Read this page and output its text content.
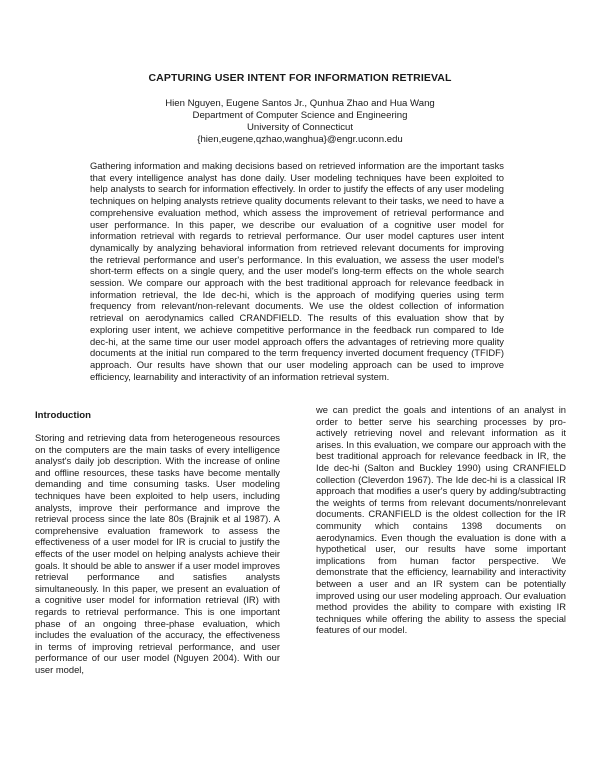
CAPTURING USER INTENT FOR INFORMATION RETRIEVAL
Hien Nguyen, Eugene Santos Jr., Qunhua Zhao and Hua Wang
Department of Computer Science and Engineering
University of Connecticut
{hien,eugene,qzhao,wanghua}@engr.uconn.edu

Gathering information and making decisions based on retrieved information are the important tasks that every intelligence analyst has done daily. User modeling techniques have been exploited to help analysts to search for information effectively. In order to justify the effects of any user modeling techniques on helping analysts retrieve quality documents relevant to their tasks, we need to have a comprehensive evaluation method, which assess the improvement of retrieval performance and user performance. In this paper, we describe our evaluation of a cognitive user model for information retrieval with regards to retrieval performance. Our user model captures user intent dynamically by analyzing behavioral information from retrieved relevant documents for improving the retrieval performance and user's performance. In this evaluation, we assess the user model's short-term effects on a single query, and the user model's long-term effects on the whole search session. We compare our approach with the best traditional approach for relevance feedback in information retrieval, the Ide dec-hi, which is the approach of modifying queries using term frequency from relevant/non-relevant documents. We use the oldest collection of information retrieval on aerodynamics called CRANDFIELD. The results of this evaluation show that by exploring user intent, we achieve competitive performance in the feedback run compared to Ide dec-hi, at the same time our user model approach offers the advantages of retrieving more quality documents at the initial run compared to the term frequency inverted document frequency (TFIDF) approach. Our results have shown that our user modeling approach can be used to improve efficiency, learnability and interactivity of an information retrieval system.

Introduction

Storing and retrieving data from heterogeneous resources on the computers are the main tasks of every intelligence analyst's daily job description. With the increase of online and offline resources, these tasks have become mentally demanding and time consuming tasks. User modeling techniques have been exploited to help users, including analysts, improve their performance and improve the retrieval process since the late 80s (Brajnik et al 1987). A comprehensive evaluation framework to assess the effectiveness of a user model for IR is crucial to justify the effects of the user model on helping analysts achieve their goals. It should be able to answer if a user model improves retrieval performance and satisfies analysts simultaneously. In this paper, we present an evaluation of a cognitive user model for information retrieval (IR) with regards to retrieval performance. This is one important phase of an ongoing three-phase evaluation, which includes the evaluation of the accuracy, the effectiveness in terms of improving retrieval performance, and user performance of our user model (Nguyen 2004). With our user model,

we can predict the goals and intentions of an analyst in order to better serve his searching processes by pro-actively retrieving novel and relevant information as it arises. In this evaluation, we compare our approach with the best traditional approach for relevance feedback in IR, the Ide dec-hi (Salton and Buckley 1990) using CRANFIELD collection (Cleverdon 1967). The Ide dec-hi is a classical IR approach that modifies a user's query by adding/subtracting the weights of terms from relevant documents/nonrelevant documents. CRANFIELD is the oldest collection for the IR community which contains 1398 documents on aerodynamics. Even though the evaluation is done with a hypothetical user, our results have some important implications from human factor perspective. We demonstrate that the efficiency, learnability and interactivity between a user and an IR system can be potentially improved using our user modeling approach. Our evaluation method provides the ability to compare with existing IR techniques while offering the ability to assess the special features of our model.
